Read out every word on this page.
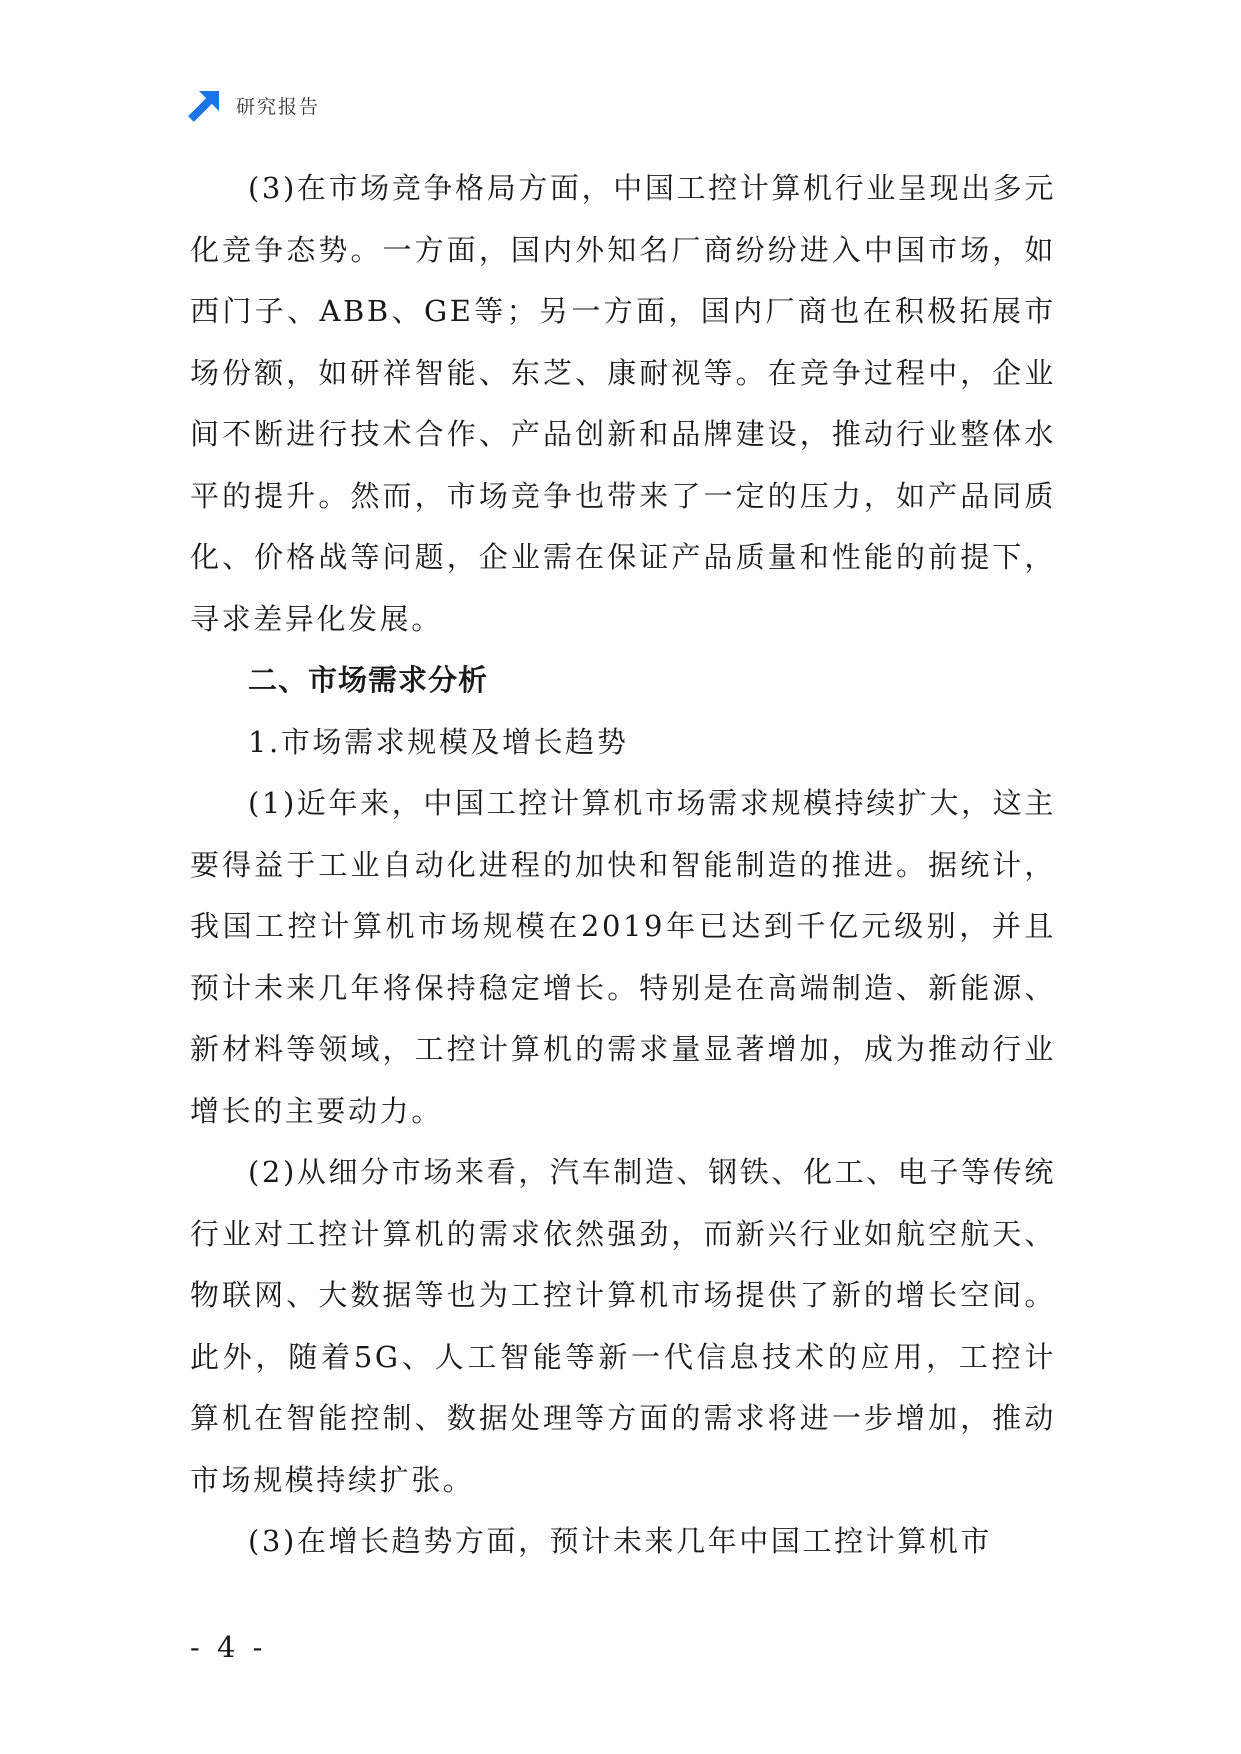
研究报告

(3)在市场竞争格局方面，中国工控计算机行业呈现出多元化竞争态势。一方面，国内外知名厂商纷纷进入中国市场，如西门子、ABB、GE等；另一方面，国内厂商也在积极拓展市场份额，如研祥智能、东芝、康耐视等。在竞争过程中，企业间不断进行技术合作、产品创新和品牌建设，推动行业整体水平的提升。然而，市场竞争也带来了一定的压力，如产品同质化、价格战等问题，企业需在保证产品质量和性能的前提下，寻求差异化发展。

二、市场需求分析

1.市场需求规模及增长趋势

(1)近年来，中国工控计算机市场需求规模持续扩大，这主要得益于工业自动化进程的加快和智能制造的推进。据统计，我国工控计算机市场规模在2019年已达到千亿元级别，并且预计未来几年将保持稳定增长。特别是在高端制造、新能源、新材料等领域，工控计算机的需求量显著增加，成为推动行业增长的主要动力。

(2)从细分市场来看，汽车制造、钢铁、化工、电子等传统行业对工控计算机的需求依然强劲，而新兴行业如航空航天、物联网、大数据等也为工控计算机市场提供了新的增长空间。此外，随着5G、人工智能等新一代信息技术的应用，工控计算机在智能控制、数据处理等方面的需求将进一步增加，推动市场规模持续扩张。

(3)在增长趋势方面，预计未来几年中国工控计算机市

- 4 -
